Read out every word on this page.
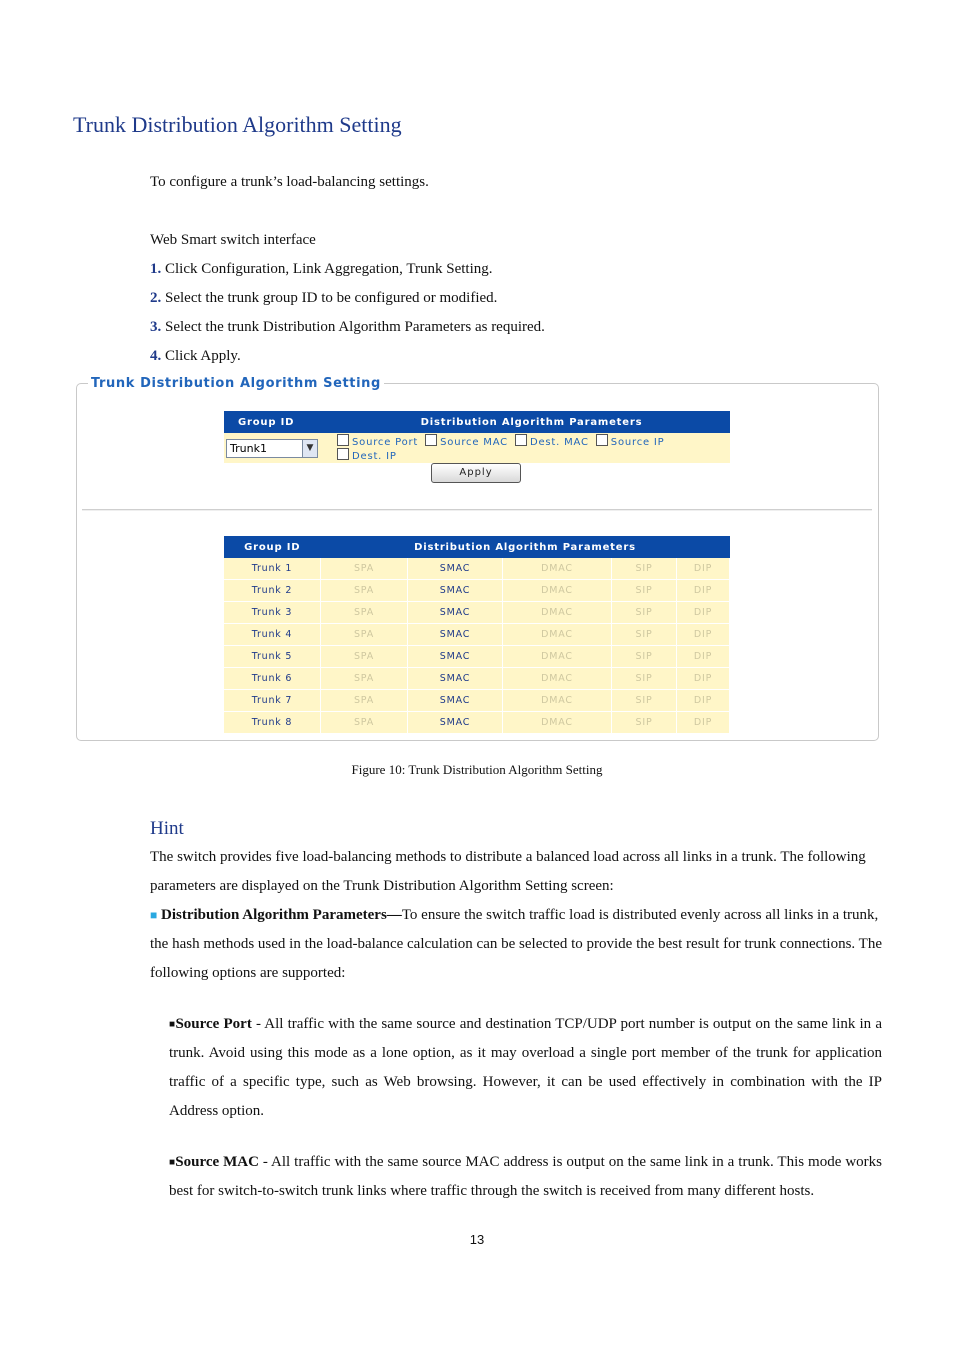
Trunk Distribution Algorithm Setting
To configure a trunk’s load-balancing settings.
Web Smart switch interface
1. Click Configuration, Link Aggregation, Trunk Setting.
2. Select the trunk group ID to be configured or modified.
3. Select the trunk Distribution Algorithm Parameters as required.
4. Click Apply.
Trunk Distribution Algorithm Setting
Group ID	Distribution Algorithm Parameters
Trunk1 ▼	Source Port Source MAC Dest. MAC Source IPDest. IP
Apply
Group ID	Distribution Algorithm Parameters				
Trunk 1	SPA	SMAC	DMAC	SIP	DIP
Trunk 2	SPA	SMAC	DMAC	SIP	DIP
Trunk 3	SPA	SMAC	DMAC	SIP	DIP
Trunk 4	SPA	SMAC	DMAC	SIP	DIP
Trunk 5	SPA	SMAC	DMAC	SIP	DIP
Trunk 6	SPA	SMAC	DMAC	SIP	DIP
Trunk 7	SPA	SMAC	DMAC	SIP	DIP
Trunk 8	SPA	SMAC	DMAC	SIP	DIP
Figure 10: Trunk Distribution Algorithm Setting
Hint
The switch provides five load-balancing methods to distribute a balanced load across all links in a trunk. The following parameters are displayed on the Trunk Distribution Algorithm Setting screen:
■ Distribution Algorithm Parameters—To ensure the switch traffic load is distributed evenly across all links in a trunk, the hash methods used in the load-balance calculation can be selected to provide the best result for trunk connections. The following options are supported:
■Source Port - All traffic with the same source and destination TCP/UDP port number is output on the same link in a trunk. Avoid using this mode as a lone option, as it may overload a single port member of the trunk for application traffic of a specific type, such as Web browsing. However, it can be used effectively in combination with the IP Address option.
■Source MAC - All traffic with the same source MAC address is output on the same link in a trunk. This mode works best for switch-to-switch trunk links where traffic through the switch is received from many different hosts.
13
